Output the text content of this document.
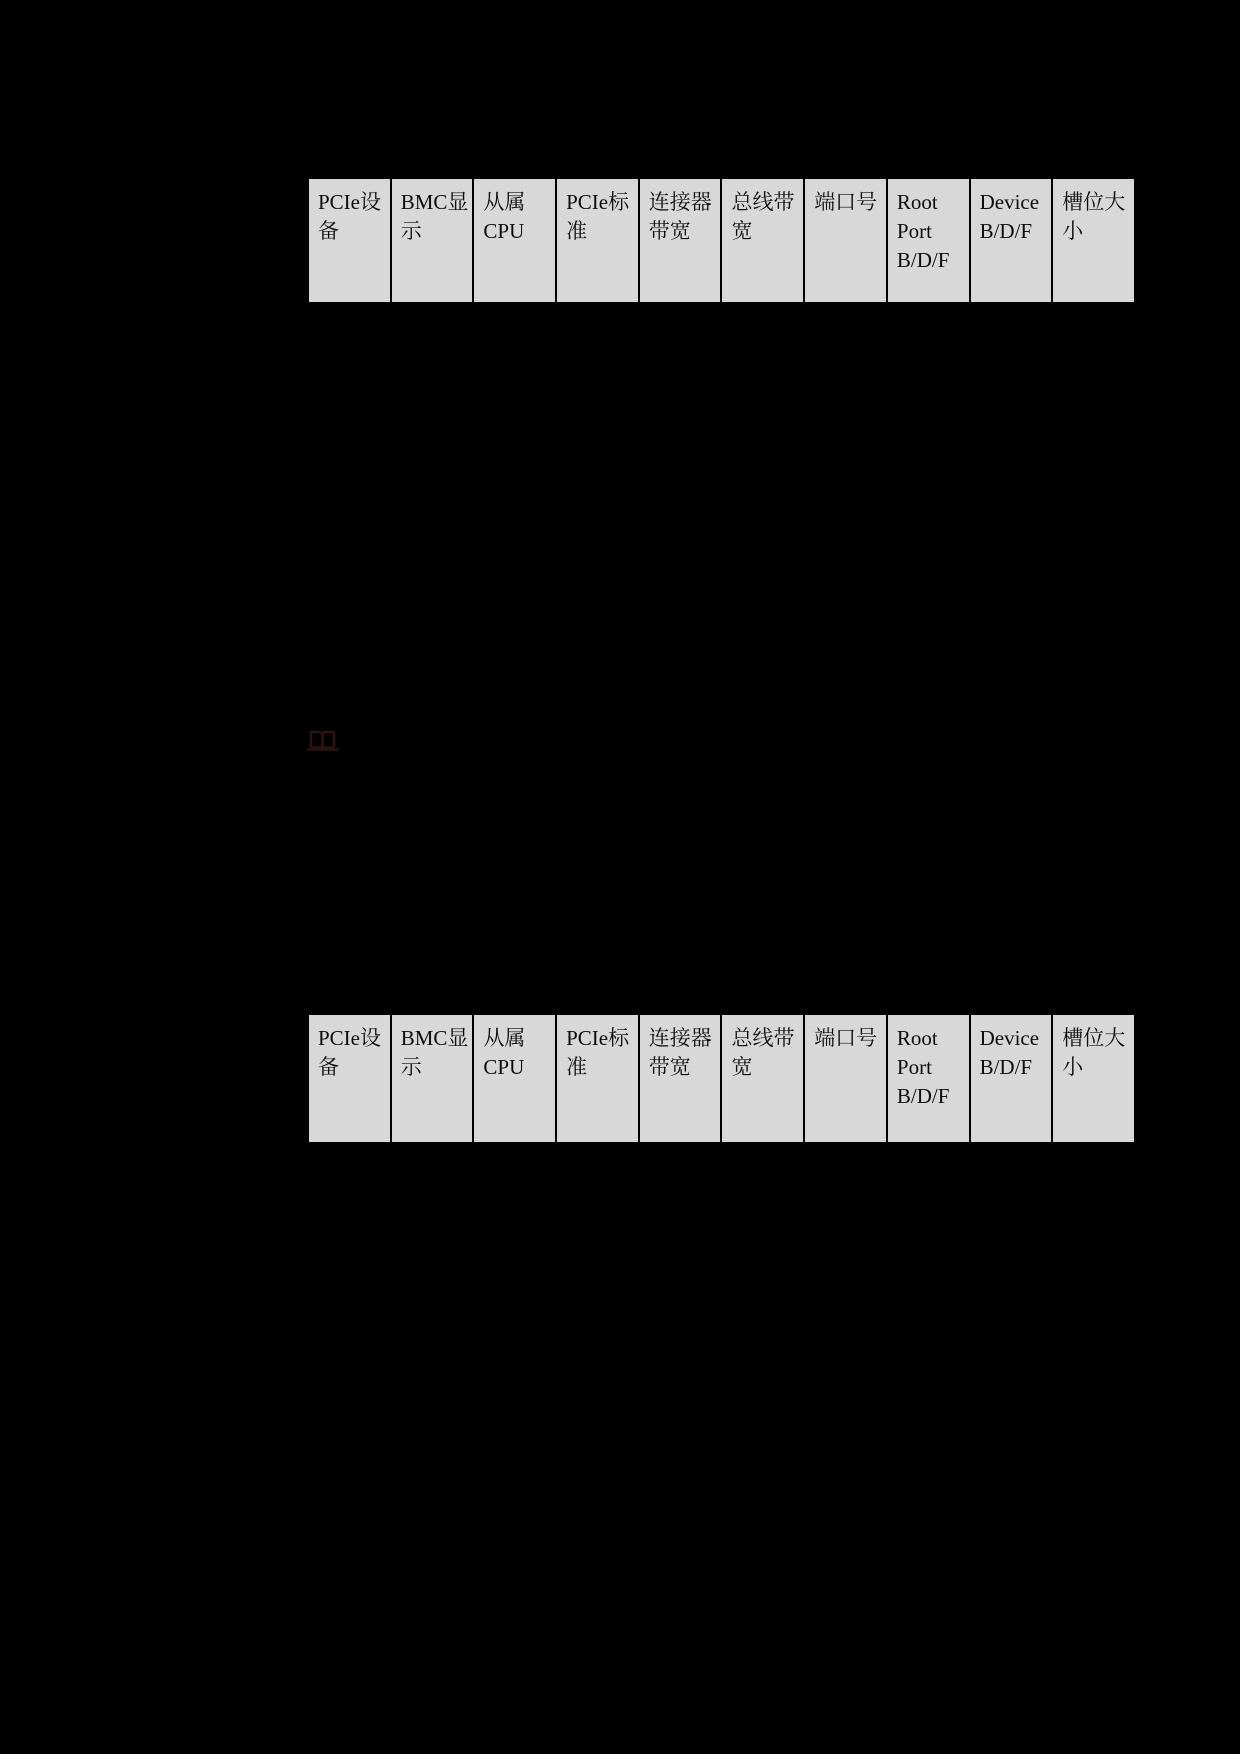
PCIe设备
BMC显示
从属CPU
PCIe标准
连接器带宽
总线带宽
端口号 Root Port B/D/F
Device B/D/F
槽位大小
PCIe设备
BMC显示
从属CPU
PCIe标准
连接器带宽
总线带宽
端口号 Root Port B/D/F
Device B/D/F
槽位大小
